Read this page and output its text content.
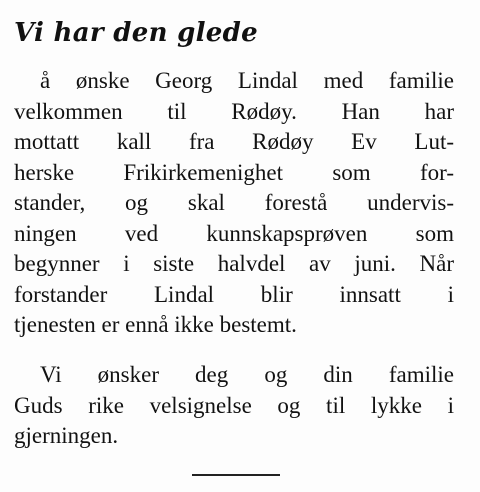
Vi har den glede

å ønske Georg Lindal med familie
velkommen til Rødøy. Han har
mottatt kall fra Rødøy Ev Lut-
herske Frikirkemenighet som for-
stander, og skal forestå undervis-
ningen ved kunnskapsprøven som
begynner i siste halvdel av juni. Når
forstander Lindal blir innsatt i
tjenesten er ennå ikke bestemt.

Vi ønsker deg og din familie
Guds rike velsignelse og til lykke i
gjerningen.
